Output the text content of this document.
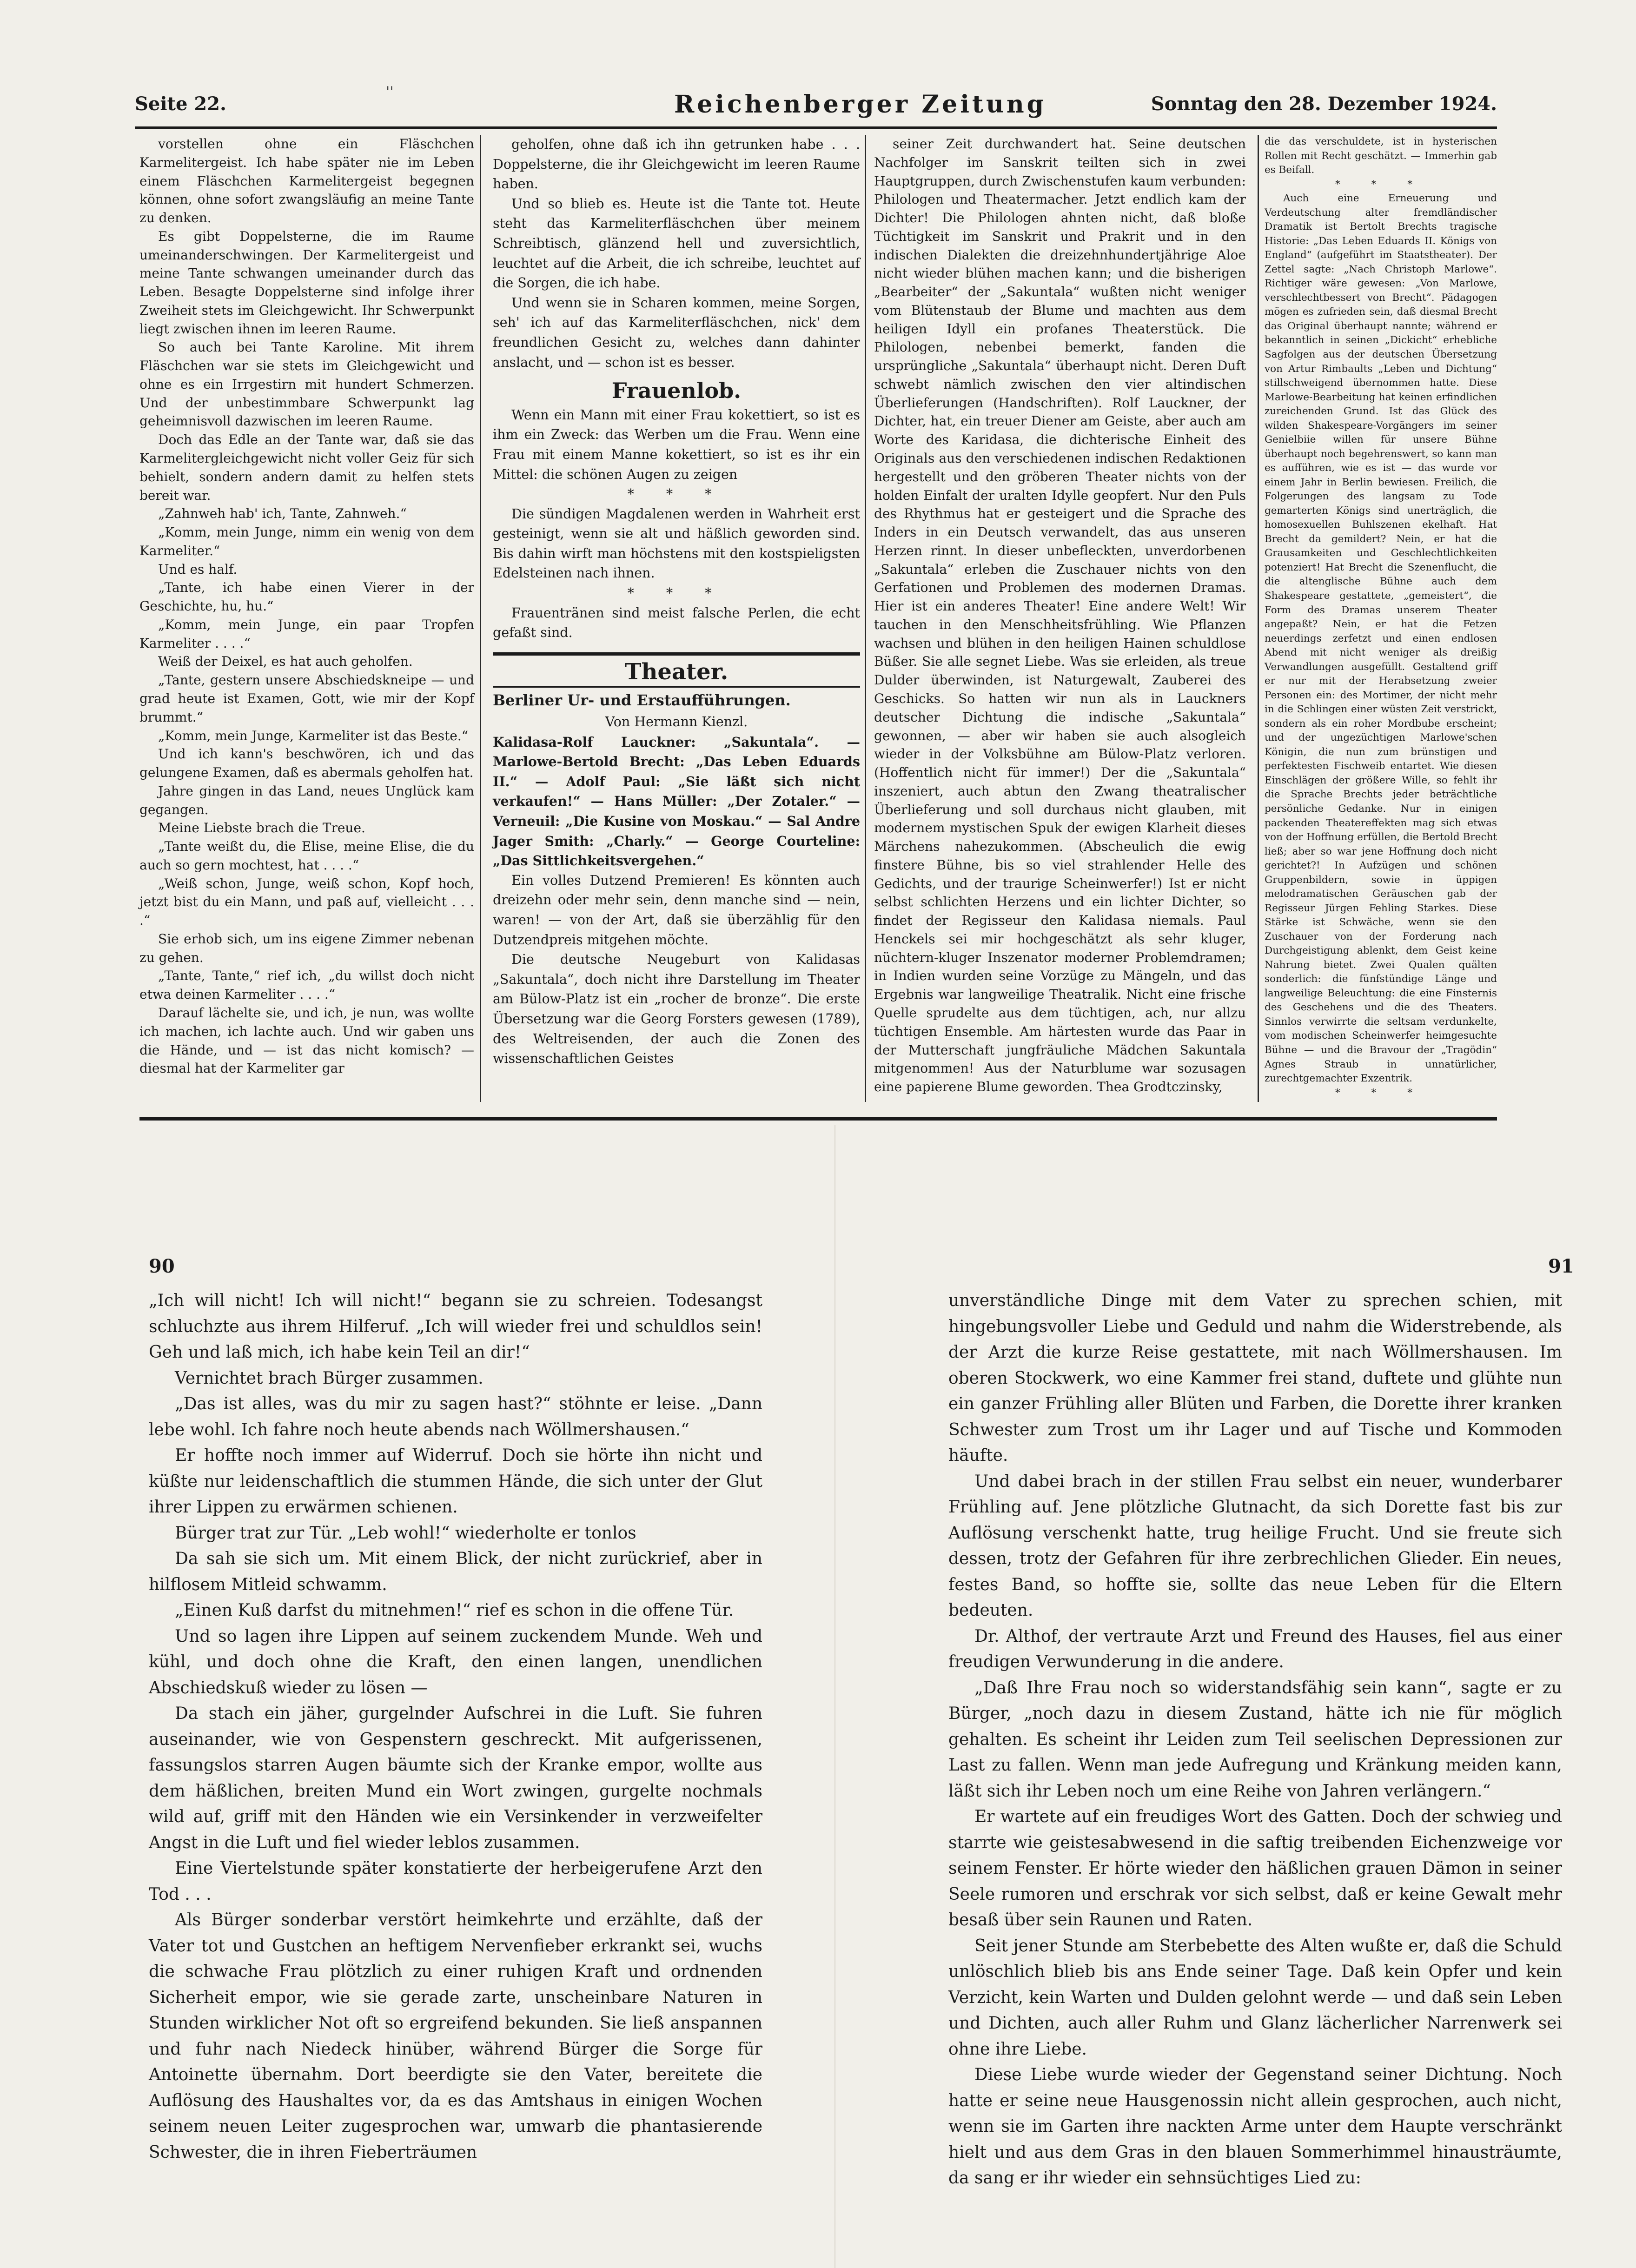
Seite 22.	Reichenberger Zeitung	Sonntag den 28. Dezember 1924.

vorstellen ohne ein Fläschchen Karmelitergeist. Ich habe später nie im Leben einem Fläschchen Karmelitergeist begegnen können, ohne sofort zwangsläufig an meine Tante zu denken.

Es gibt Doppelsterne, die im Raume umeinanderschwingen. Der Karmelitergeist und meine Tante schwangen umeinander durch das Leben. Besagte Doppelsterne sind infolge ihrer Zweiheit stets im Gleichgewicht. Ihr Schwerpunkt liegt zwischen ihnen im leeren Raume.

So auch bei Tante Karoline. Mit ihrem Fläschchen war sie stets im Gleichgewicht und ohne es ein Irrgestirn mit hundert Schmerzen. Und der unbestimmbare Schwerpunkt lag geheimnisvoll dazwischen im leeren Raume.

Doch das Edle an der Tante war, daß sie das Karmelitergleichgewicht nicht voller Geiz für sich behielt, sondern andern damit zu helfen stets bereit war.

„Zahnweh hab' ich, Tante, Zahnweh.“

„Komm, mein Junge, nimm ein wenig von dem Karmeliter.“

Und es half.

„Tante, ich habe einen Vierer in der Geschichte, hu, hu.“

„Komm, mein Junge, ein paar Tropfen Karmeliter . . . .“

Weiß der Deixel, es hat auch geholfen.

„Tante, gestern unsere Abschiedskneipe — und grad heute ist Examen, Gott, wie mir der Kopf brummt.“

„Komm, mein Junge, Karmeliter ist das Beste.“

Und ich kann's beschwören, ich und das gelungene Examen, daß es abermals geholfen hat.

Jahre gingen in das Land, neues Unglück kam gegangen.

Meine Liebste brach die Treue.

„Tante weißt du, die Elise, meine Elise, die du auch so gern mochtest, hat . . . .“

„Weiß schon, Junge, weiß schon, Kopf hoch, jetzt bist du ein Mann, und paß auf, vielleicht . . . .“

Sie erhob sich, um ins eigene Zimmer nebenan zu gehen.

„Tante, Tante,“ rief ich, „du willst doch nicht etwa deinen Karmeliter . . . .“

Darauf lächelte sie, und ich, je nun, was wollte ich machen, ich lachte auch. Und wir gaben uns die Hände, und — ist das nicht komisch? — diesmal hat der Karmeliter gar

geholfen, ohne daß ich ihn getrunken habe . . . Doppelsterne, die ihr Gleichgewicht im leeren Raume haben.

Und so blieb es. Heute ist die Tante tot. Heute steht das Karmeliterfläschchen über meinem Schreibtisch, glänzend hell und zuversichtlich, leuchtet auf die Arbeit, die ich schreibe, leuchtet auf die Sorgen, die ich habe.

Und wenn sie in Scharen kommen, meine Sorgen, seh' ich auf das Karmeliterfläschchen, nick' dem freundlichen Gesicht zu, welches dann dahinter anslacht, und — schon ist es besser.

Frauenlob.

Wenn ein Mann mit einer Frau kokettiert, so ist es ihm ein Zweck: das Werben um die Frau. Wenn eine Frau mit einem Manne kokettiert, so ist es ihr ein Mittel: die schönen Augen zu zeigen

* * *

Die sündigen Magdalenen werden in Wahrheit erst gesteinigt, wenn sie alt und häßlich geworden sind. Bis dahin wirft man höchstens mit den kostspieligsten Edelsteinen nach ihnen.

* * *

Frauentränen sind meist falsche Perlen, die echt gefaßt sind.

Theater.
Berliner Ur- und Erstaufführungen.

Von Hermann Kienzl.

Kalidasa-Rolf Lauckner: „Sakuntala“. — Marlowe-Bertold Brecht: „Das Leben Eduards II.“ — Adolf Paul: „Sie läßt sich nicht verkaufen!“ — Hans Müller: „Der Zotaler.“ — Verneuil: „Die Kusine von Moskau.“ — Sal Andre Jager Smith: „Charly.“ — George Courteline: „Das Sittlichkeitsvergehen.“

Ein volles Dutzend Premieren! Es könnten auch dreizehn oder mehr sein, denn manche sind — nein, waren! — von der Art, daß sie überzählig für den Dutzendpreis mitgehen möchte.

Die deutsche Neugeburt von Kalidasas „Sakuntala“, doch nicht ihre Darstellung im Theater am Bülow-Platz ist ein „rocher de bronze“. Die erste Übersetzung war die Georg Forsters gewesen (1789), des Weltreisenden, der auch die Zonen des wissenschaftlichen Geistes

seiner Zeit durchwandert hat. Seine deutschen Nachfolger im Sanskrit teilten sich in zwei Hauptgruppen, durch Zwischenstufen kaum verbunden: Philologen und Theatermacher. Jetzt endlich kam der Dichter! Die Philologen ahnten nicht, daß bloße Tüchtigkeit im Sanskrit und Prakrit und in den indischen Dialekten die dreizehnhundertjährige Aloe nicht wieder blühen machen kann; und die bisherigen „Bearbeiter“ der „Sakuntala“ wußten nicht weniger vom Blütenstaub der Blume und machten aus dem heiligen Idyll ein profanes Theaterstück. Die Philologen, nebenbei bemerkt, fanden die ursprüngliche „Sakuntala“ überhaupt nicht. Deren Duft schwebt nämlich zwischen den vier altindischen Überlieferungen (Handschriften). Rolf Lauckner, der Dichter, hat, ein treuer Diener am Geiste, aber auch am Worte des Karidasa, die dichterische Einheit des Originals aus den verschiedenen indischen Redaktionen hergestellt und den gröberen Theater nichts von der holden Einfalt der uralten Idylle geopfert. Nur den Puls des Rhythmus hat er gesteigert und die Sprache des Inders in ein Deutsch verwandelt, das aus unseren Herzen rinnt. In dieser unbefleckten, unverdorbenen „Sakuntala“ erleben die Zuschauer nichts von den Gerfationen und Problemen des modernen Dramas. Hier ist ein anderes Theater! Eine andere Welt! Wir tauchen in den Menschheitsfrühling. Wie Pflanzen wachsen und blühen in den heiligen Hainen schuldlose Büßer. Sie alle segnet Liebe. Was sie erleiden, als treue Dulder überwinden, ist Naturgewalt, Zauberei des Geschicks. So hatten wir nun als in Lauckners deutscher Dichtung die indische „Sakuntala“ gewonnen, — aber wir haben sie auch alsogleich wieder in der Volksbühne am Bülow-Platz verloren. (Hoffentlich nicht für immer!) Der die „Sakuntala“ inszeniert, auch abtun den Zwang theatralischer Überlieferung und soll durchaus nicht glauben, mit modernem mystischen Spuk der ewigen Klarheit dieses Märchens nahezukommen. (Abscheulich die ewig finstere Bühne, bis so viel strahlender Helle des Gedichts, und der traurige Scheinwerfer!) Ist er nicht selbst schlichten Herzens und ein lichter Dichter, so findet der Regisseur den Kalidasa niemals. Paul Henckels sei mir hochgeschätzt als sehr kluger, nüchtern-kluger Inszenator moderner Problemdramen; in Indien wurden seine Vorzüge zu Mängeln, und das Ergebnis war langweilige Theatralik. Nicht eine frische Quelle sprudelte aus dem tüchtigen, ach, nur allzu tüchtigen Ensemble. Am härtesten wurde das Paar in der Mutterschaft jungfräuliche Mädchen Sakuntala mitgenommen! Aus der Naturblume war sozusagen eine papierene Blume geworden. Thea Grodtczinsky,

die das verschuldete, ist in hysterischen Rollen mit Recht geschätzt. — Immerhin gab es Beifall.

* * *

Auch eine Erneuerung und Verdeutschung alter fremdländischer Dramatik ist Bertolt Brechts tragische Historie: „Das Leben Eduards II. Königs von England“ (aufgeführt im Staatstheater). Der Zettel sagte: „Nach Christoph Marlowe“. Richtiger wäre gewesen: „Von Marlowe, verschlechtbessert von Brecht“. Pädagogen mögen es zufrieden sein, daß diesmal Brecht das Original überhaupt nannte; während er bekanntlich in seinen „Dickicht“ erhebliche Sagfolgen aus der deutschen Übersetzung von Artur Rimbaults „Leben und Dichtung“ stillschweigend übernommen hatte. Diese Marlowe-Bearbeitung hat keinen erfindlichen zureichenden Grund. Ist das Glück des wilden Shakespeare-Vorgängers im seiner Genielbiie willen für unsere Bühne überhaupt noch begehrenswert, so kann man es aufführen, wie es ist — das wurde vor einem Jahr in Berlin bewiesen. Freilich, die Folgerungen des langsam zu Tode gemarterten Königs sind unerträglich, die homosexuellen Buhlszenen ekelhaft. Hat Brecht da gemildert? Nein, er hat die Grausamkeiten und Geschlechtlichkeiten potenziert! Hat Brecht die Szenenflucht, die die altenglische Bühne auch dem Shakespeare gestattete, „gemeistert“, die Form des Dramas unserem Theater angepaßt? Nein, er hat die Fetzen neuerdings zerfetzt und einen endlosen Abend mit nicht weniger als dreißig Verwandlungen ausgefüllt. Gestaltend griff er nur mit der Herabsetzung zweier Personen ein: des Mortimer, der nicht mehr in die Schlingen einer wüsten Zeit verstrickt, sondern als ein roher Mordbube erscheint; und der ungezüchtigen Marlowe'schen Königin, die nun zum brünstigen und perfektesten Fischweib entartet. Wie diesen Einschlägen der größere Wille, so fehlt ihr die Sprache Brechts jeder beträchtliche persönliche Gedanke. Nur in einigen packenden Theatereffekten mag sich etwas von der Hoffnung erfüllen, die Bertold Brecht ließ; aber so war jene Hoffnung doch nicht gerichtet?! In Aufzügen und schönen Gruppenbildern, sowie in üppigen melodramatischen Geräuschen gab der Regisseur Jürgen Fehling Starkes. Diese Stärke ist Schwäche, wenn sie den Zuschauer von der Forderung nach Durchgeistigung ablenkt, dem Geist keine Nahrung bietet. Zwei Qualen quälten sonderlich: die fünfstündige Länge und langweilige Beleuchtung: die eine Finsternis des Geschehens und die des Theaters. Sinnlos verwirrte die seltsam verdunkelte, vom modischen Scheinwerfer heimgesuchte Bühne — und die Bravour der „Tragödin“ Agnes Straub in unnatürlicher, zurechtgemachter Exzentrik.

* * *

90	91

„Ich will nicht! Ich will nicht!“ begann sie zu schreien. Todesangst schluchzte aus ihrem Hilferuf. „Ich will wieder frei und schuldlos sein! Geh und laß mich, ich habe kein Teil an dir!“

Vernichtet brach Bürger zusammen.

„Das ist alles, was du mir zu sagen hast?“ stöhnte er leise. „Dann lebe wohl. Ich fahre noch heute abends nach Wöllmershausen.“

Er hoffte noch immer auf Widerruf. Doch sie hörte ihn nicht und küßte nur leidenschaftlich die stummen Hände, die sich unter der Glut ihrer Lippen zu erwärmen schienen.

Bürger trat zur Tür. „Leb wohl!“ wiederholte er tonlos

Da sah sie sich um. Mit einem Blick, der nicht zurückrief, aber in hilflosem Mitleid schwamm.

„Einen Kuß darfst du mitnehmen!“ rief es schon in die offene Tür.

Und so lagen ihre Lippen auf seinem zuckendem Munde. Weh und kühl, und doch ohne die Kraft, den einen langen, unendlichen Abschiedskuß wieder zu lösen —

Da stach ein jäher, gurgelnder Aufschrei in die Luft. Sie fuhren auseinander, wie von Gespenstern geschreckt. Mit aufgerissenen, fassungslos starren Augen bäumte sich der Kranke empor, wollte aus dem häßlichen, breiten Mund ein Wort zwingen, gurgelte nochmals wild auf, griff mit den Händen wie ein Versinkender in verzweifelter Angst in die Luft und fiel wieder leblos zusammen.

Eine Viertelstunde später konstatierte der herbeigerufene Arzt den Tod . . .

Als Bürger sonderbar verstört heimkehrte und erzählte, daß der Vater tot und Gustchen an heftigem Nervenfieber erkrankt sei, wuchs die schwache Frau plötzlich zu einer ruhigen Kraft und ordnenden Sicherheit empor, wie sie gerade zarte, unscheinbare Naturen in Stunden wirklicher Not oft so ergreifend bekunden. Sie ließ anspannen und fuhr nach Niedeck hinüber, während Bürger die Sorge für Antoinette übernahm. Dort beerdigte sie den Vater, bereitete die Auflösung des Haushaltes vor, da es das Amtshaus in einigen Wochen seinem neuen Leiter zugesprochen war, umwarb die phantasierende Schwester, die in ihren Fieberträumen

unverständliche Dinge mit dem Vater zu sprechen schien, mit hingebungsvoller Liebe und Geduld und nahm die Widerstrebende, als der Arzt die kurze Reise gestattete, mit nach Wöllmershausen. Im oberen Stockwerk, wo eine Kammer frei stand, duftete und glühte nun ein ganzer Frühling aller Blüten und Farben, die Dorette ihrer kranken Schwester zum Trost um ihr Lager und auf Tische und Kommoden häufte.

Und dabei brach in der stillen Frau selbst ein neuer, wunderbarer Frühling auf. Jene plötzliche Glutnacht, da sich Dorette fast bis zur Auflösung verschenkt hatte, trug heilige Frucht. Und sie freute sich dessen, trotz der Gefahren für ihre zerbrechlichen Glieder. Ein neues, festes Band, so hoffte sie, sollte das neue Leben für die Eltern bedeuten.

Dr. Althof, der vertraute Arzt und Freund des Hauses, fiel aus einer freudigen Verwunderung in die andere.

„Daß Ihre Frau noch so widerstandsfähig sein kann“, sagte er zu Bürger, „noch dazu in diesem Zustand, hätte ich nie für möglich gehalten. Es scheint ihr Leiden zum Teil seelischen Depressionen zur Last zu fallen. Wenn man jede Aufregung und Kränkung meiden kann, läßt sich ihr Leben noch um eine Reihe von Jahren verlängern.“

Er wartete auf ein freudiges Wort des Gatten. Doch der schwieg und starrte wie geistesabwesend in die saftig treibenden Eichenzweige vor seinem Fenster. Er hörte wieder den häßlichen grauen Dämon in seiner Seele rumoren und erschrak vor sich selbst, daß er keine Gewalt mehr besaß über sein Raunen und Raten.

Seit jener Stunde am Sterbebette des Alten wußte er, daß die Schuld unlöschlich blieb bis ans Ende seiner Tage. Daß kein Opfer und kein Verzicht, kein Warten und Dulden gelohnt werde — und daß sein Leben und Dichten, auch aller Ruhm und Glanz lächerlicher Narrenwerk sei ohne ihre Liebe.

Diese Liebe wurde wieder der Gegenstand seiner Dichtung. Noch hatte er seine neue Hausgenossin nicht allein gesprochen, auch nicht, wenn sie im Garten ihre nackten Arme unter dem Haupte verschränkt hielt und aus dem Gras in den blauen Sommerhimmel hinausträumte, da sang er ihr wieder ein sehnsüchtiges Lied zu:

''
